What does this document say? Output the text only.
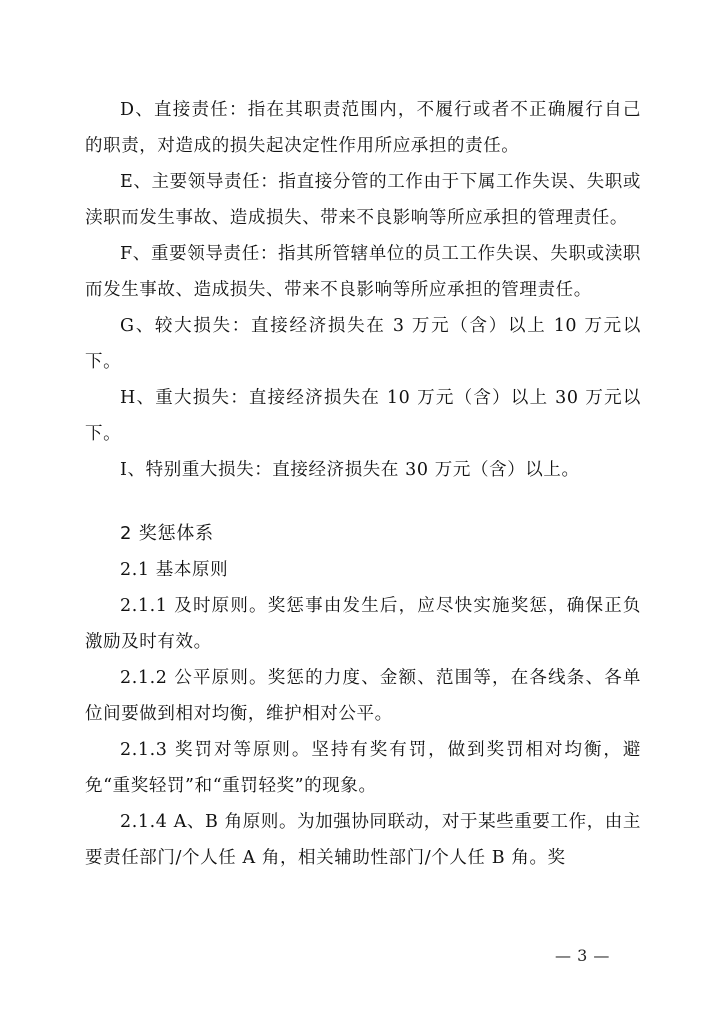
D、直接责任：指在其职责范围内，不履行或者不正确履行自己的职责，对造成的损失起决定性作用所应承担的责任。

E、主要领导责任：指直接分管的工作由于下属工作失误、失职或渎职而发生事故、造成损失、带来不良影响等所应承担的管理责任。

F、重要领导责任：指其所管辖单位的员工工作失误、失职或渎职而发生事故、造成损失、带来不良影响等所应承担的管理责任。

G、较大损失：直接经济损失在 3 万元（含）以上 10 万元以下。

H、重大损失：直接经济损失在 10 万元（含）以上 30 万元以下。

I、特别重大损失：直接经济损失在 30 万元（含）以上。

2 奖惩体系

2.1 基本原则

2.1.1 及时原则。奖惩事由发生后，应尽快实施奖惩，确保正负激励及时有效。

2.1.2 公平原则。奖惩的力度、金额、范围等，在各线条、各单位间要做到相对均衡，维护相对公平。

2.1.3 奖罚对等原则。坚持有奖有罚，做到奖罚相对均衡，避免“重奖轻罚”和“重罚轻奖”的现象。

2.1.4 A、B 角原则。为加强协同联动，对于某些重要工作，由主要责任部门/个人任 A 角，相关辅助性部门/个人任 B 角。奖

— 3 —
